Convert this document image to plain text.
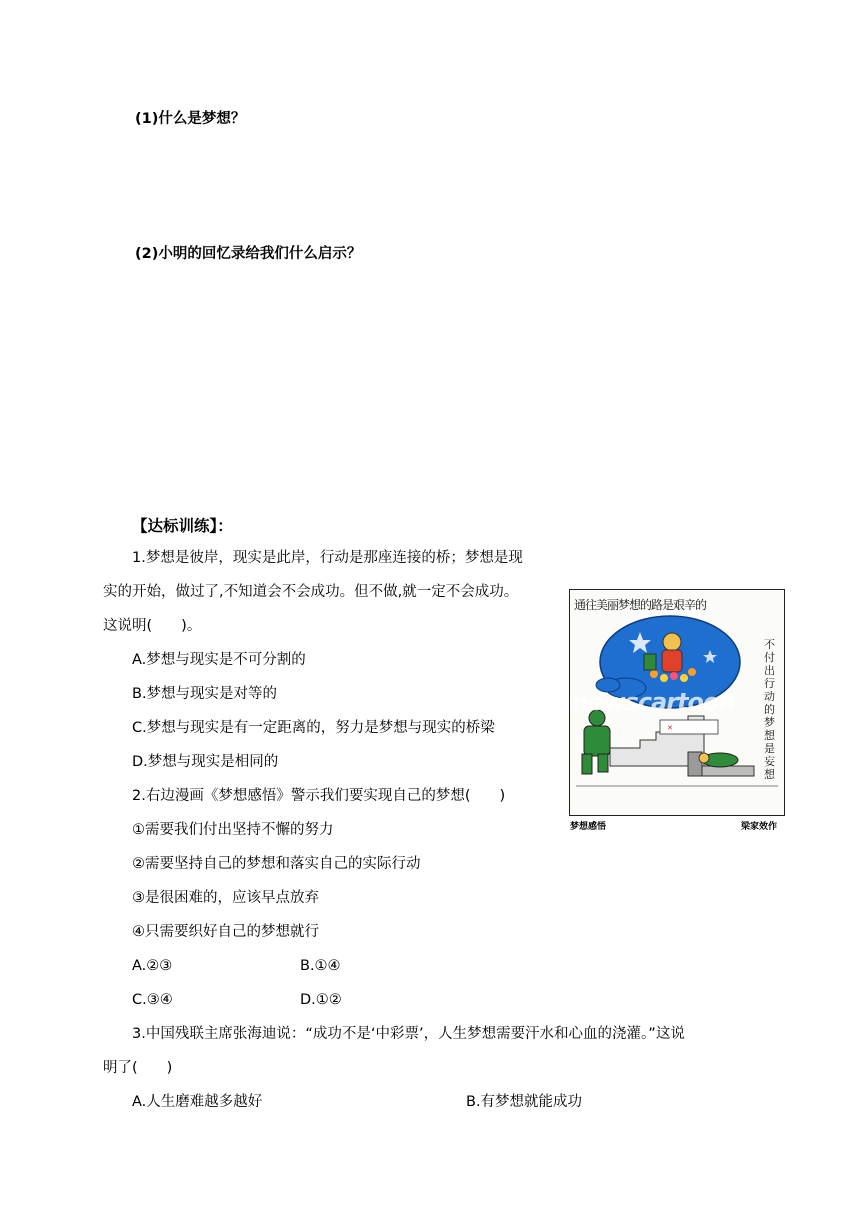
(1)什么是梦想？
(2)小明的回忆录给我们什么启示？
【达标训练】：
1.梦想是彼岸，现实是此岸，行动是那座连接的桥；梦想是现
实的开始，做过了,不知道会不会成功。但不做,就一定不会成功。
这说明(　　)。
A.梦想与现实是不可分割的
B.梦想与现实是对等的
C.梦想与现实是有一定距离的，努力是梦想与现实的桥梁
D.梦想与现实是相同的
2.右边漫画《梦想感悟》警示我们要实现自己的梦想(　　)
①需要我们付出坚持不懈的努力
②需要坚持自己的梦想和落实自己的实际行动
③是很困难的，应该早点放弃
④只需要织好自己的梦想就行
A.②③	B.①④
C.③④	D.①②
3.中国残联主席张海迪说：“成功不是‘中彩票’，人生梦想需要汗水和心血的浇灌。”这说
明了(　　)
A.人生磨难越多越好	B.有梦想就能成功
✕
通往美丽梦想的路是艰辛的
不付出行动的梦想是妄想
newscartoon
梦想感悟	梁家效作
